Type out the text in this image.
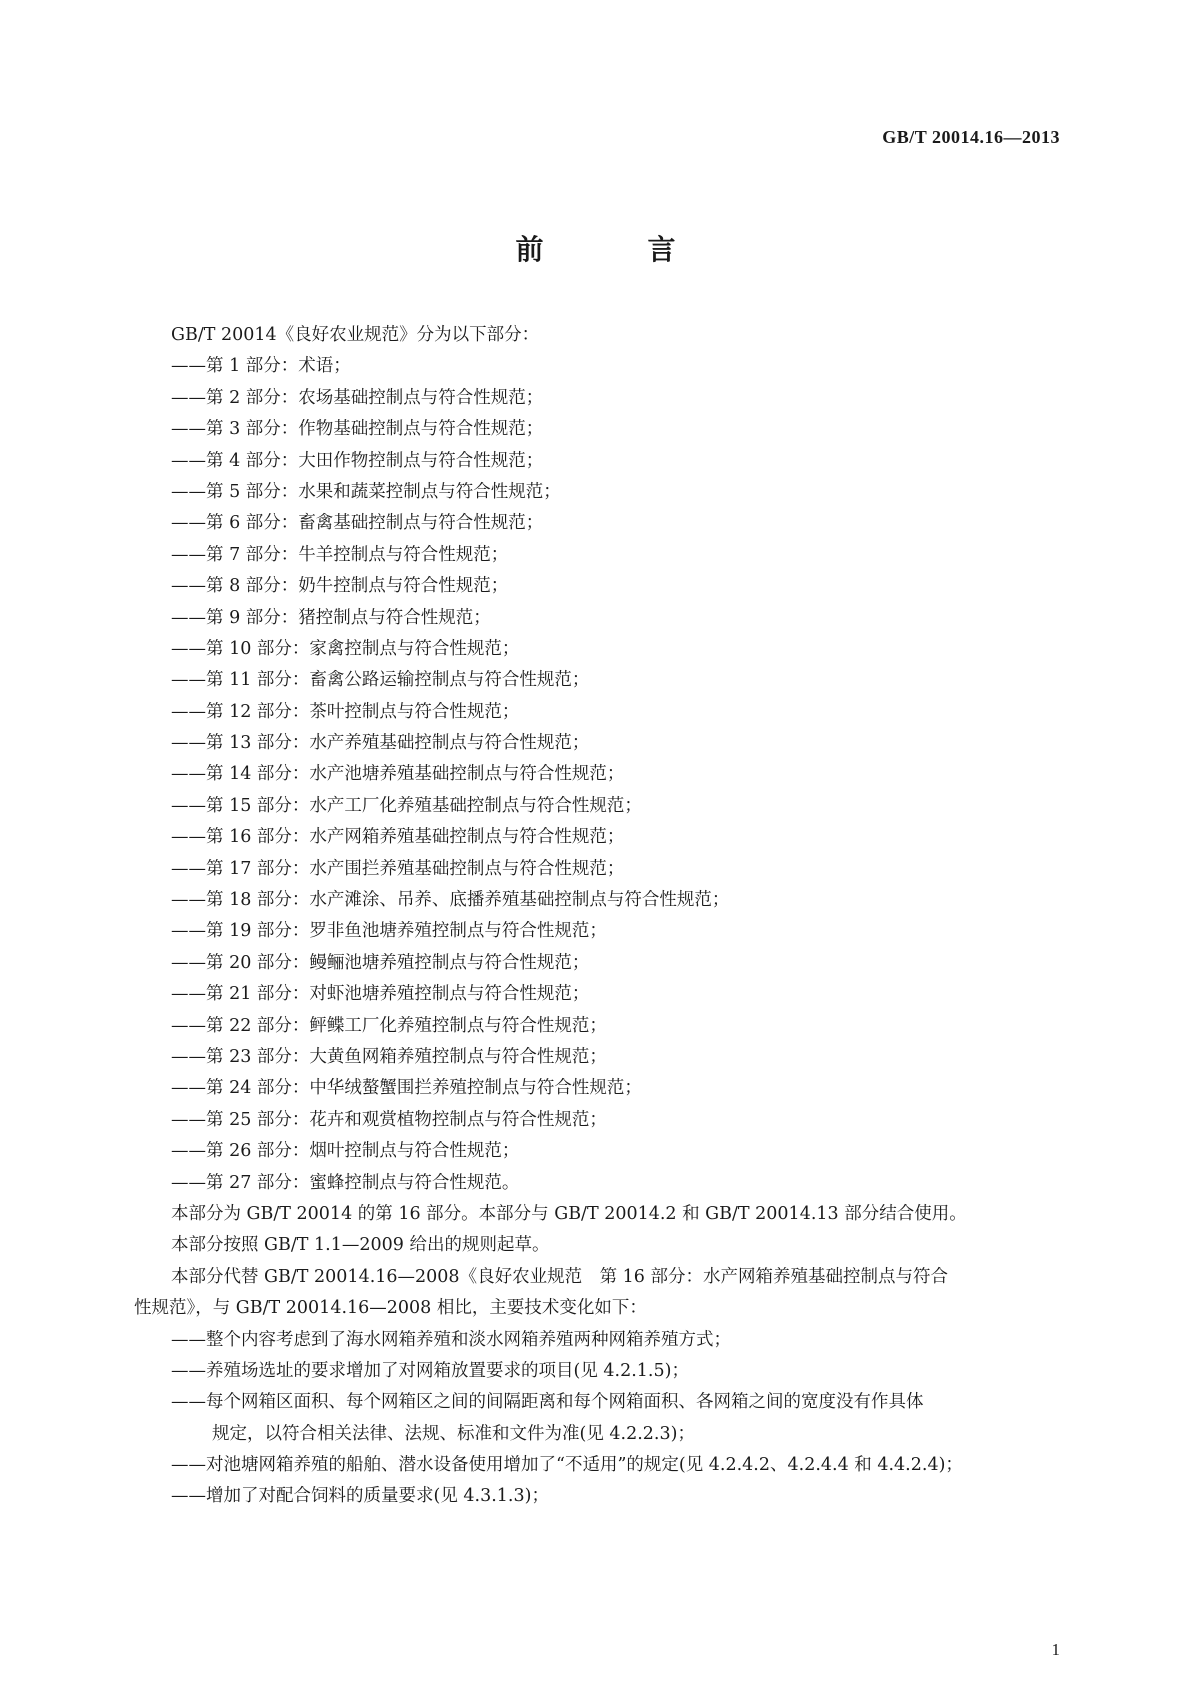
GB/T 20014.16—2013
前　言
GB/T 20014《良好农业规范》分为以下部分：
——第 1 部分：术语；
——第 2 部分：农场基础控制点与符合性规范；
——第 3 部分：作物基础控制点与符合性规范；
——第 4 部分：大田作物控制点与符合性规范；
——第 5 部分：水果和蔬菜控制点与符合性规范；
——第 6 部分：畜禽基础控制点与符合性规范；
——第 7 部分：牛羊控制点与符合性规范；
——第 8 部分：奶牛控制点与符合性规范；
——第 9 部分：猪控制点与符合性规范；
——第 10 部分：家禽控制点与符合性规范；
——第 11 部分：畜禽公路运输控制点与符合性规范；
——第 12 部分：茶叶控制点与符合性规范；
——第 13 部分：水产养殖基础控制点与符合性规范；
——第 14 部分：水产池塘养殖基础控制点与符合性规范；
——第 15 部分：水产工厂化养殖基础控制点与符合性规范；
——第 16 部分：水产网箱养殖基础控制点与符合性规范；
——第 17 部分：水产围拦养殖基础控制点与符合性规范；
——第 18 部分：水产滩涂、吊养、底播养殖基础控制点与符合性规范；
——第 19 部分：罗非鱼池塘养殖控制点与符合性规范；
——第 20 部分：鳗鲡池塘养殖控制点与符合性规范；
——第 21 部分：对虾池塘养殖控制点与符合性规范；
——第 22 部分：鲆鲽工厂化养殖控制点与符合性规范；
——第 23 部分：大黄鱼网箱养殖控制点与符合性规范；
——第 24 部分：中华绒螯蟹围拦养殖控制点与符合性规范；
——第 25 部分：花卉和观赏植物控制点与符合性规范；
——第 26 部分：烟叶控制点与符合性规范；
——第 27 部分：蜜蜂控制点与符合性规范。
本部分为 GB/T 20014 的第 16 部分。本部分与 GB/T 20014.2 和 GB/T 20014.13 部分结合使用。
本部分按照 GB/T 1.1—2009 给出的规则起草。
本部分代替 GB/T 20014.16—2008《良好农业规范　第 16 部分：水产网箱养殖基础控制点与符合
性规范》，与 GB/T 20014.16—2008 相比，主要技术变化如下：
——整个内容考虑到了海水网箱养殖和淡水网箱养殖两种网箱养殖方式；
——养殖场选址的要求增加了对网箱放置要求的项目(见 4.2.1.5)；
——每个网箱区面积、每个网箱区之间的间隔距离和每个网箱面积、各网箱之间的宽度没有作具体
规定，以符合相关法律、法规、标准和文件为准(见 4.2.2.3)；
——对池塘网箱养殖的船舶、潜水设备使用增加了“不适用”的规定(见 4.2.4.2、4.2.4.4 和 4.4.2.4)；
——增加了对配合饲料的质量要求(见 4.3.1.3)；
1
